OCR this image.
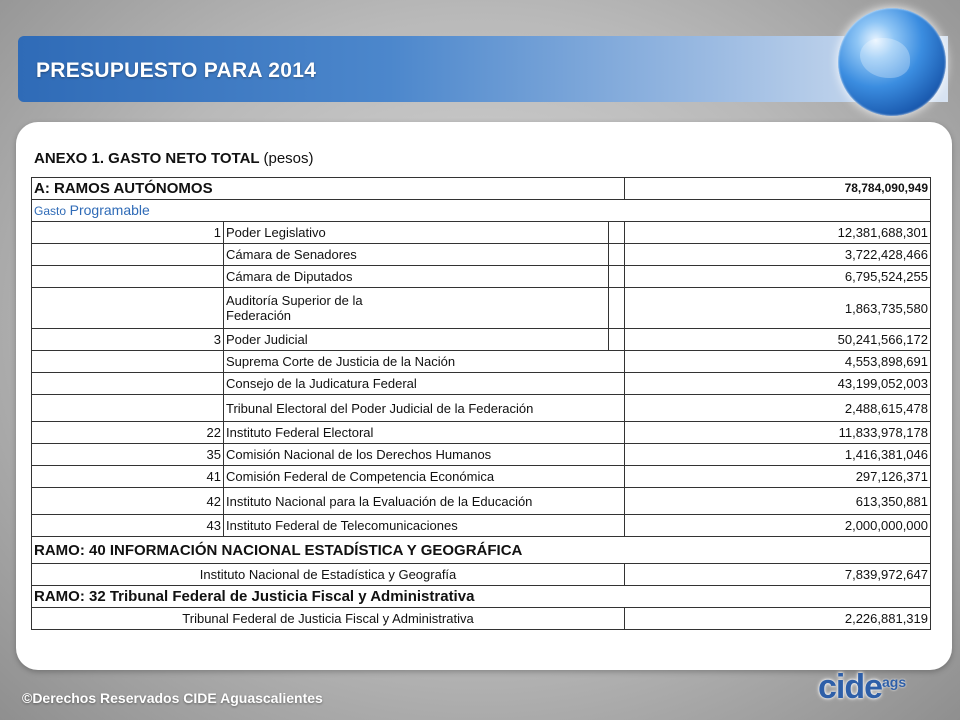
PRESUPUESTO PARA 2014
ANEXO 1. GASTO NETO TOTAL (pesos)
A: RAMOS AUTÓNOMOS			78,784,090,949
Gasto Programable			
1	Poder Legislativo		12,381,688,301
	Cámara de Senadores		3,722,428,466
	Cámara de Diputados		6,795,524,255

	Auditoría Superior de la
Federación		1,863,735,580
3	Poder Judicial		50,241,566,172
	Suprema Corte de Justicia de la Nación		4,553,898,691
	Consejo de la Judicatura Federal		43,199,052,003
	Tribunal Electoral del Poder Judicial de la Federación		2,488,615,478
22	Instituto Federal Electoral		11,833,978,178
35	Comisión Nacional de los Derechos Humanos		1,416,381,046
41	Comisión Federal de Competencia Económica		297,126,371
42	Instituto Nacional para la Evaluación de la Educación		613,350,881
43	Instituto Federal de Telecomunicaciones		2,000,000,000
RAMO: 40 INFORMACIÓN NACIONAL ESTADÍSTICA Y GEOGRÁFICA			
Instituto Nacional de Estadística y Geografía			7,839,972,647
RAMO: 32 Tribunal Federal de Justicia Fiscal y Administrativa			
Tribunal Federal de Justicia Fiscal y Administrativa			2,226,881,319
©Derechos Reservados CIDE Aguascalientes	cide ags
